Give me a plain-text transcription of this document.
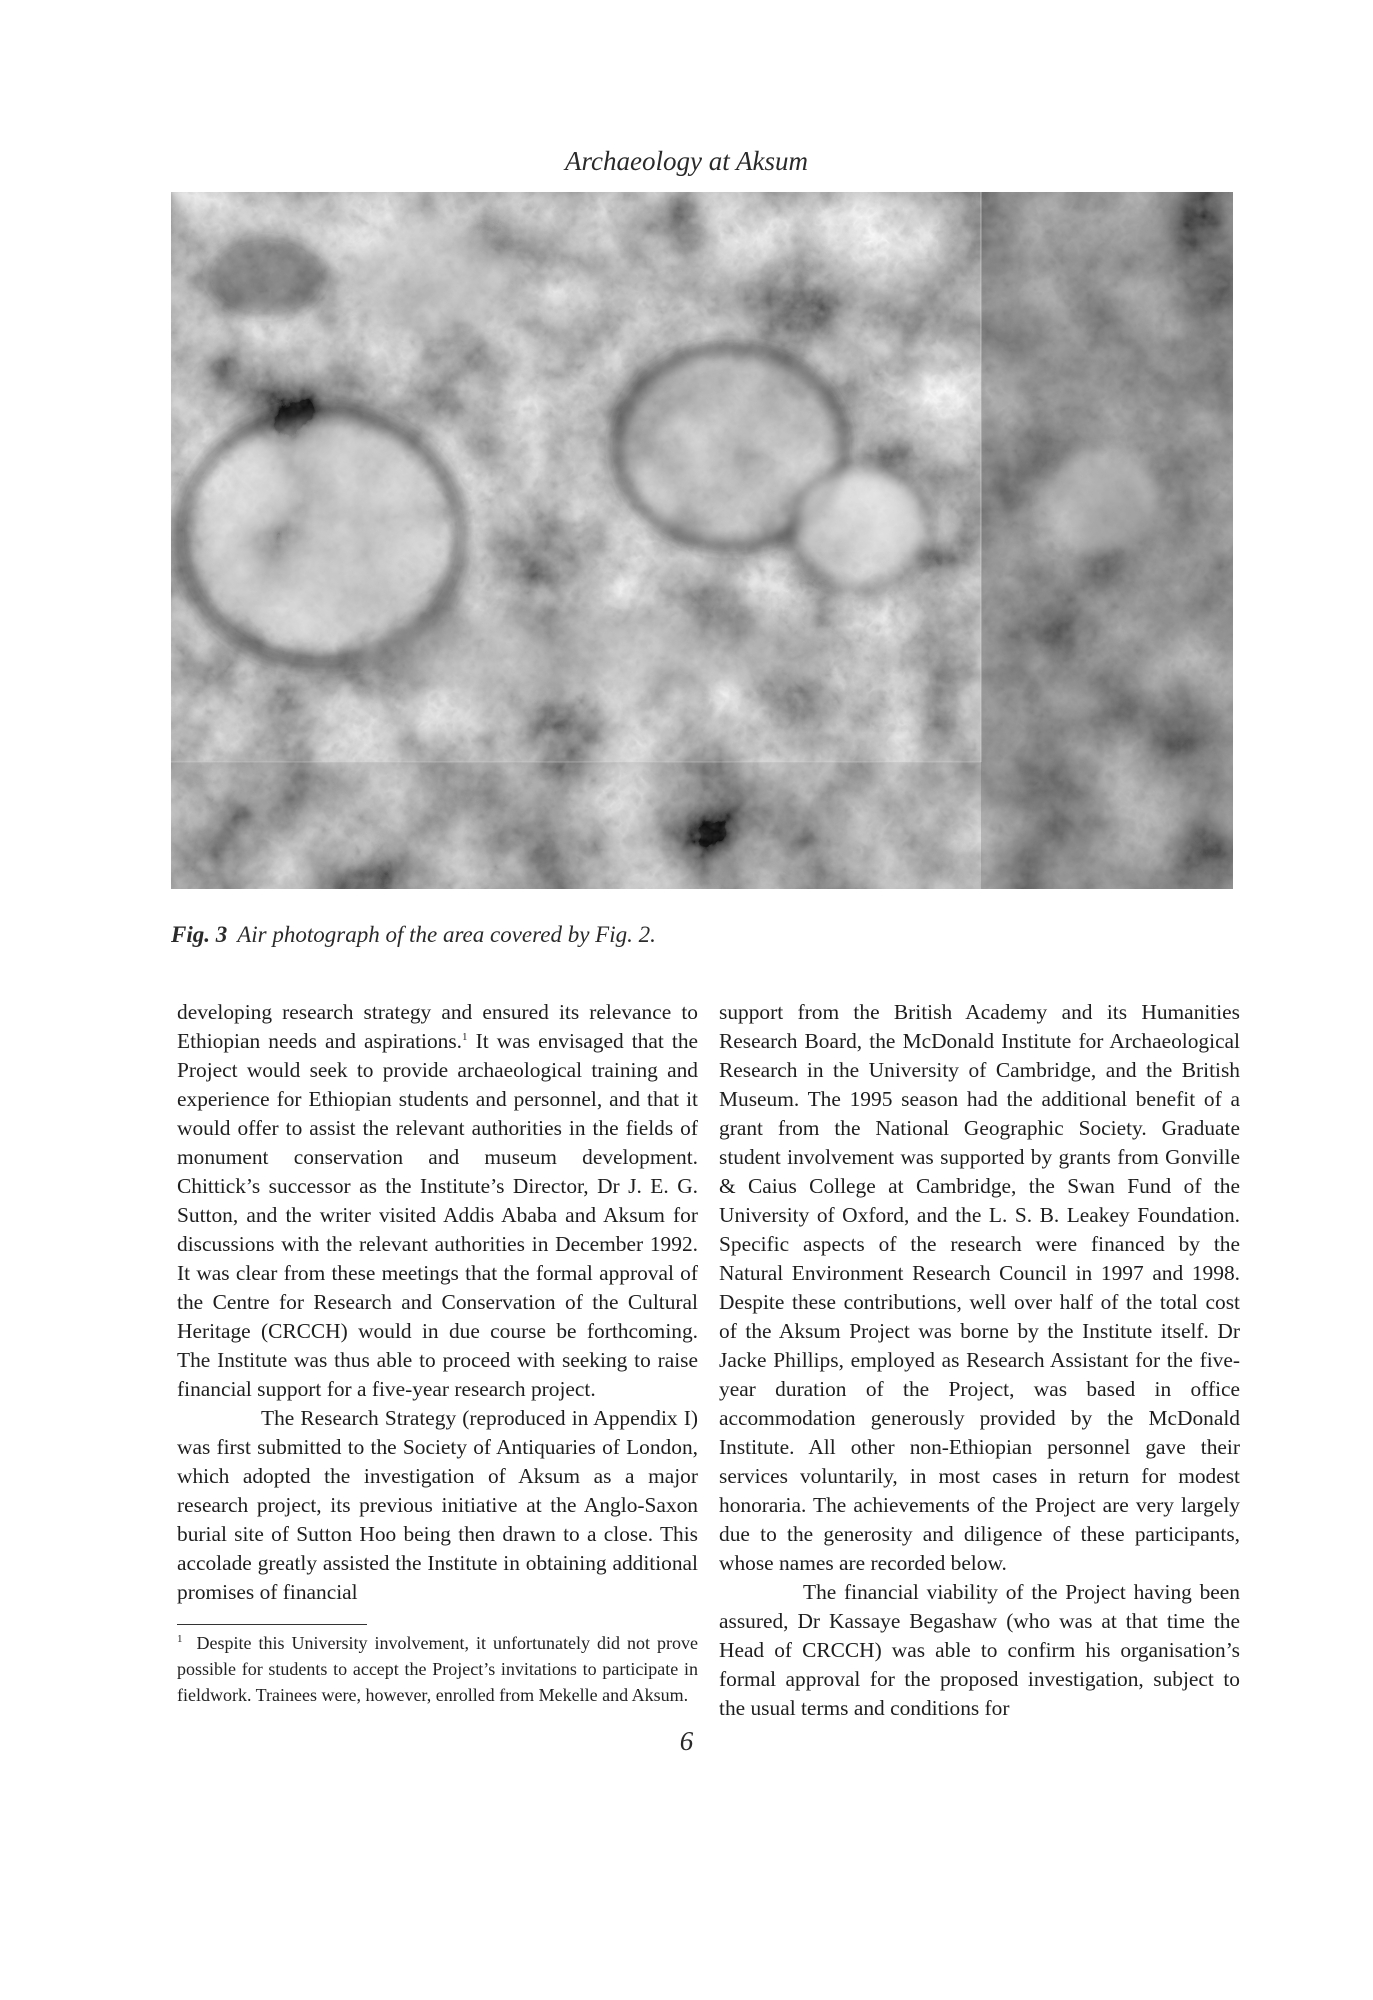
Archaeology at Aksum
Fig. 3 Air photograph of the area covered by Fig. 2.

developing research strategy and ensured its relevance to Ethiopian needs and aspirations.$^1$ It was envisaged that the Project would seek to provide archaeological training and experience for Ethiopian students and personnel, and that it would offer to assist the relevant authorities in the fields of monument conservation and museum development. Chittick’s successor as the Institute’s Director, Dr J. E. G. Sutton, and the writer visited Addis Ababa and Aksum for discussions with the relevant authorities in December 1992. It was clear from these meetings that the formal approval of the Centre for Research and Conservation of the Cultural Heritage (CRCCH) would in due course be forthcoming. The Institute was thus able to proceed with seeking to raise financial support for a five-year research project.

The Research Strategy (reproduced in Appendix I) was first submitted to the Society of Antiquaries of London, which adopted the investigation of Aksum as a major research project, its previous initiative at the Anglo-Saxon burial site of Sutton Hoo being then drawn to a close. This accolade greatly assisted the Institute in obtaining additional promises of financial

$^1$ Despite this University involvement, it unfortunately did not prove possible for students to accept the Project’s invitations to participate in fieldwork. Trainees were, however, enrolled from Mekelle and Aksum.

support from the British Academy and its Humanities Research Board, the McDonald Institute for Archaeological Research in the University of Cambridge, and the British Museum. The 1995 season had the additional benefit of a grant from the National Geographic Society. Graduate student involvement was supported by grants from Gonville & Caius College at Cambridge, the Swan Fund of the University of Oxford, and the L. S. B. Leakey Foundation. Specific aspects of the research were financed by the Natural Environment Research Council in 1997 and 1998. Despite these contributions, well over half of the total cost of the Aksum Project was borne by the Institute itself. Dr Jacke Phillips, employed as Research Assistant for the five-year duration of the Project, was based in office accommodation generously provided by the McDonald Institute. All other non-Ethiopian personnel gave their services voluntarily, in most cases in return for modest honoraria. The achievements of the Project are very largely due to the generosity and diligence of these participants, whose names are recorded below.

The financial viability of the Project having been assured, Dr Kassaye Begashaw (who was at that time the Head of CRCCH) was able to confirm his organisation’s formal approval for the proposed investigation, subject to the usual terms and conditions for

6
